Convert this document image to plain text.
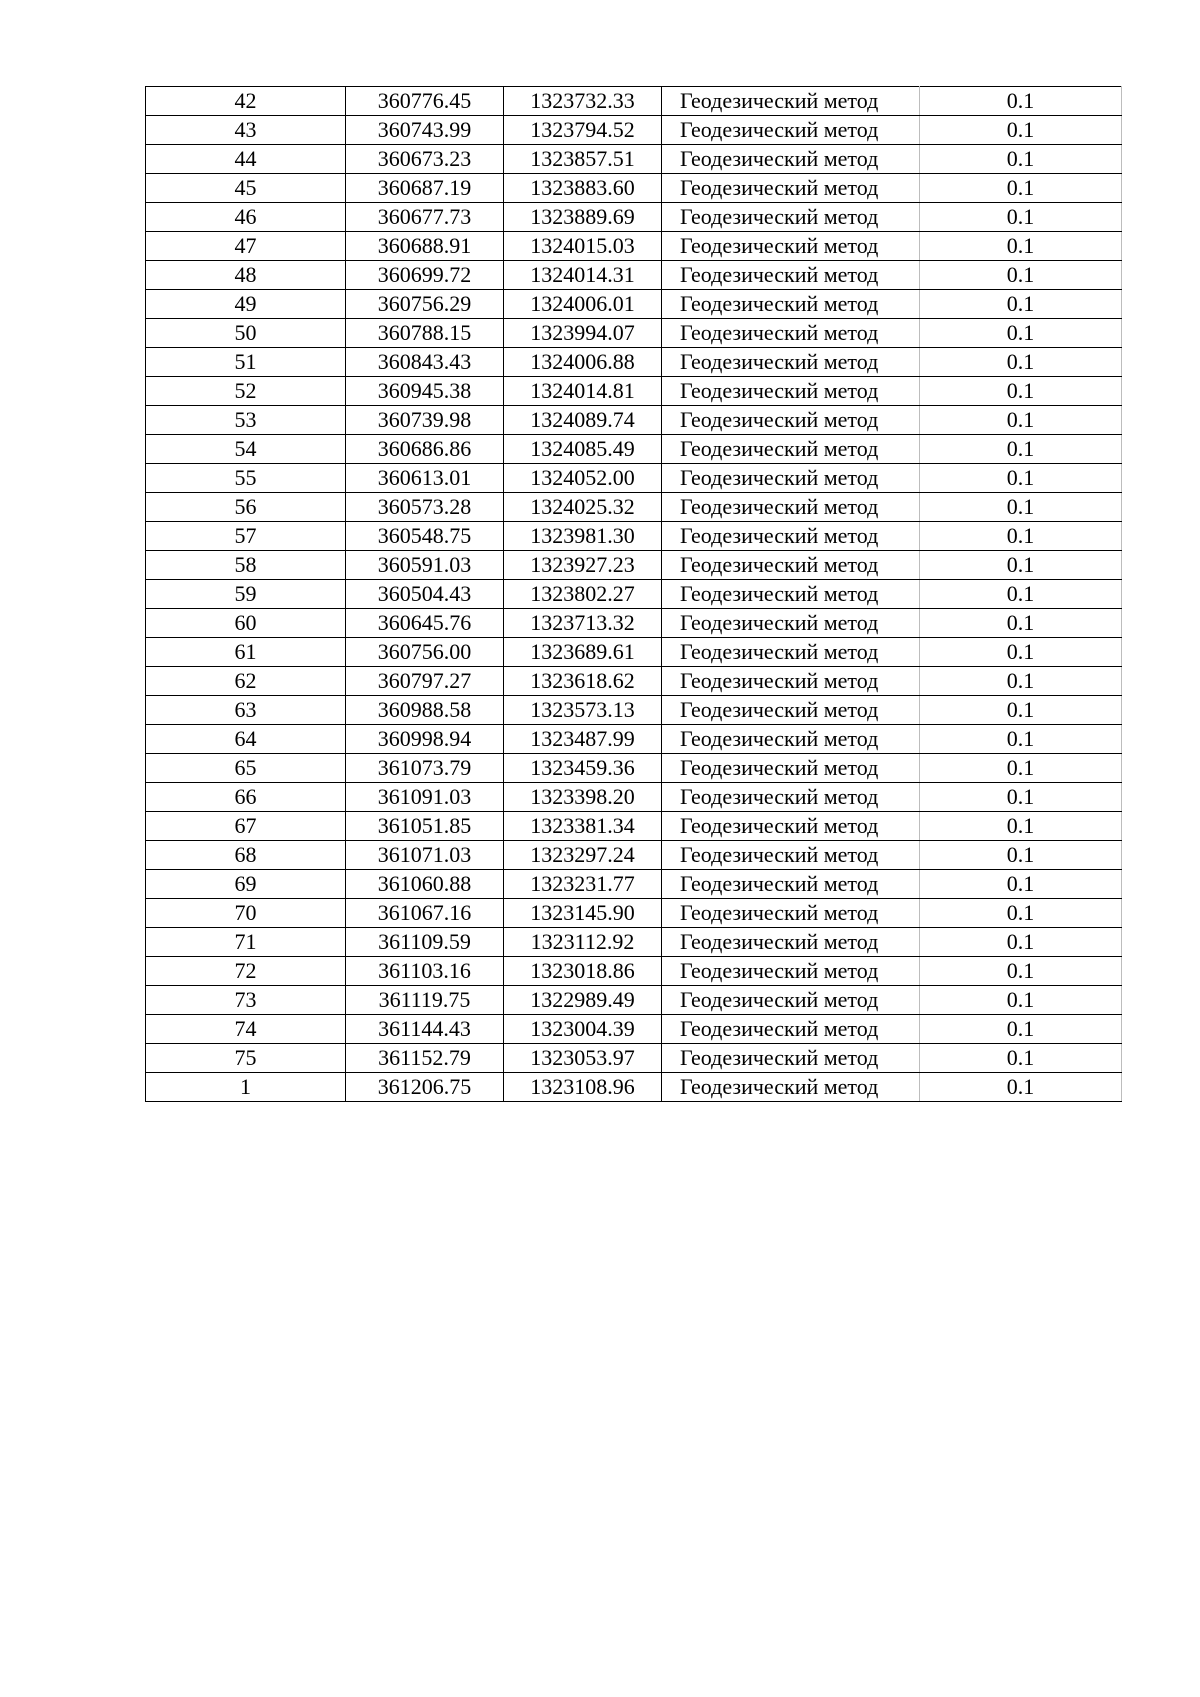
42	360776.45	1323732.33	Геодезический метод	0.1
43	360743.99	1323794.52	Геодезический метод	0.1
44	360673.23	1323857.51	Геодезический метод	0.1
45	360687.19	1323883.60	Геодезический метод	0.1
46	360677.73	1323889.69	Геодезический метод	0.1
47	360688.91	1324015.03	Геодезический метод	0.1
48	360699.72	1324014.31	Геодезический метод	0.1
49	360756.29	1324006.01	Геодезический метод	0.1
50	360788.15	1323994.07	Геодезический метод	0.1
51	360843.43	1324006.88	Геодезический метод	0.1
52	360945.38	1324014.81	Геодезический метод	0.1
53	360739.98	1324089.74	Геодезический метод	0.1
54	360686.86	1324085.49	Геодезический метод	0.1
55	360613.01	1324052.00	Геодезический метод	0.1
56	360573.28	1324025.32	Геодезический метод	0.1
57	360548.75	1323981.30	Геодезический метод	0.1
58	360591.03	1323927.23	Геодезический метод	0.1
59	360504.43	1323802.27	Геодезический метод	0.1
60	360645.76	1323713.32	Геодезический метод	0.1
61	360756.00	1323689.61	Геодезический метод	0.1
62	360797.27	1323618.62	Геодезический метод	0.1
63	360988.58	1323573.13	Геодезический метод	0.1
64	360998.94	1323487.99	Геодезический метод	0.1
65	361073.79	1323459.36	Геодезический метод	0.1
66	361091.03	1323398.20	Геодезический метод	0.1
67	361051.85	1323381.34	Геодезический метод	0.1
68	361071.03	1323297.24	Геодезический метод	0.1
69	361060.88	1323231.77	Геодезический метод	0.1
70	361067.16	1323145.90	Геодезический метод	0.1
71	361109.59	1323112.92	Геодезический метод	0.1
72	361103.16	1323018.86	Геодезический метод	0.1
73	361119.75	1322989.49	Геодезический метод	0.1
74	361144.43	1323004.39	Геодезический метод	0.1
75	361152.79	1323053.97	Геодезический метод	0.1
1	361206.75	1323108.96	Геодезический метод	0.1
